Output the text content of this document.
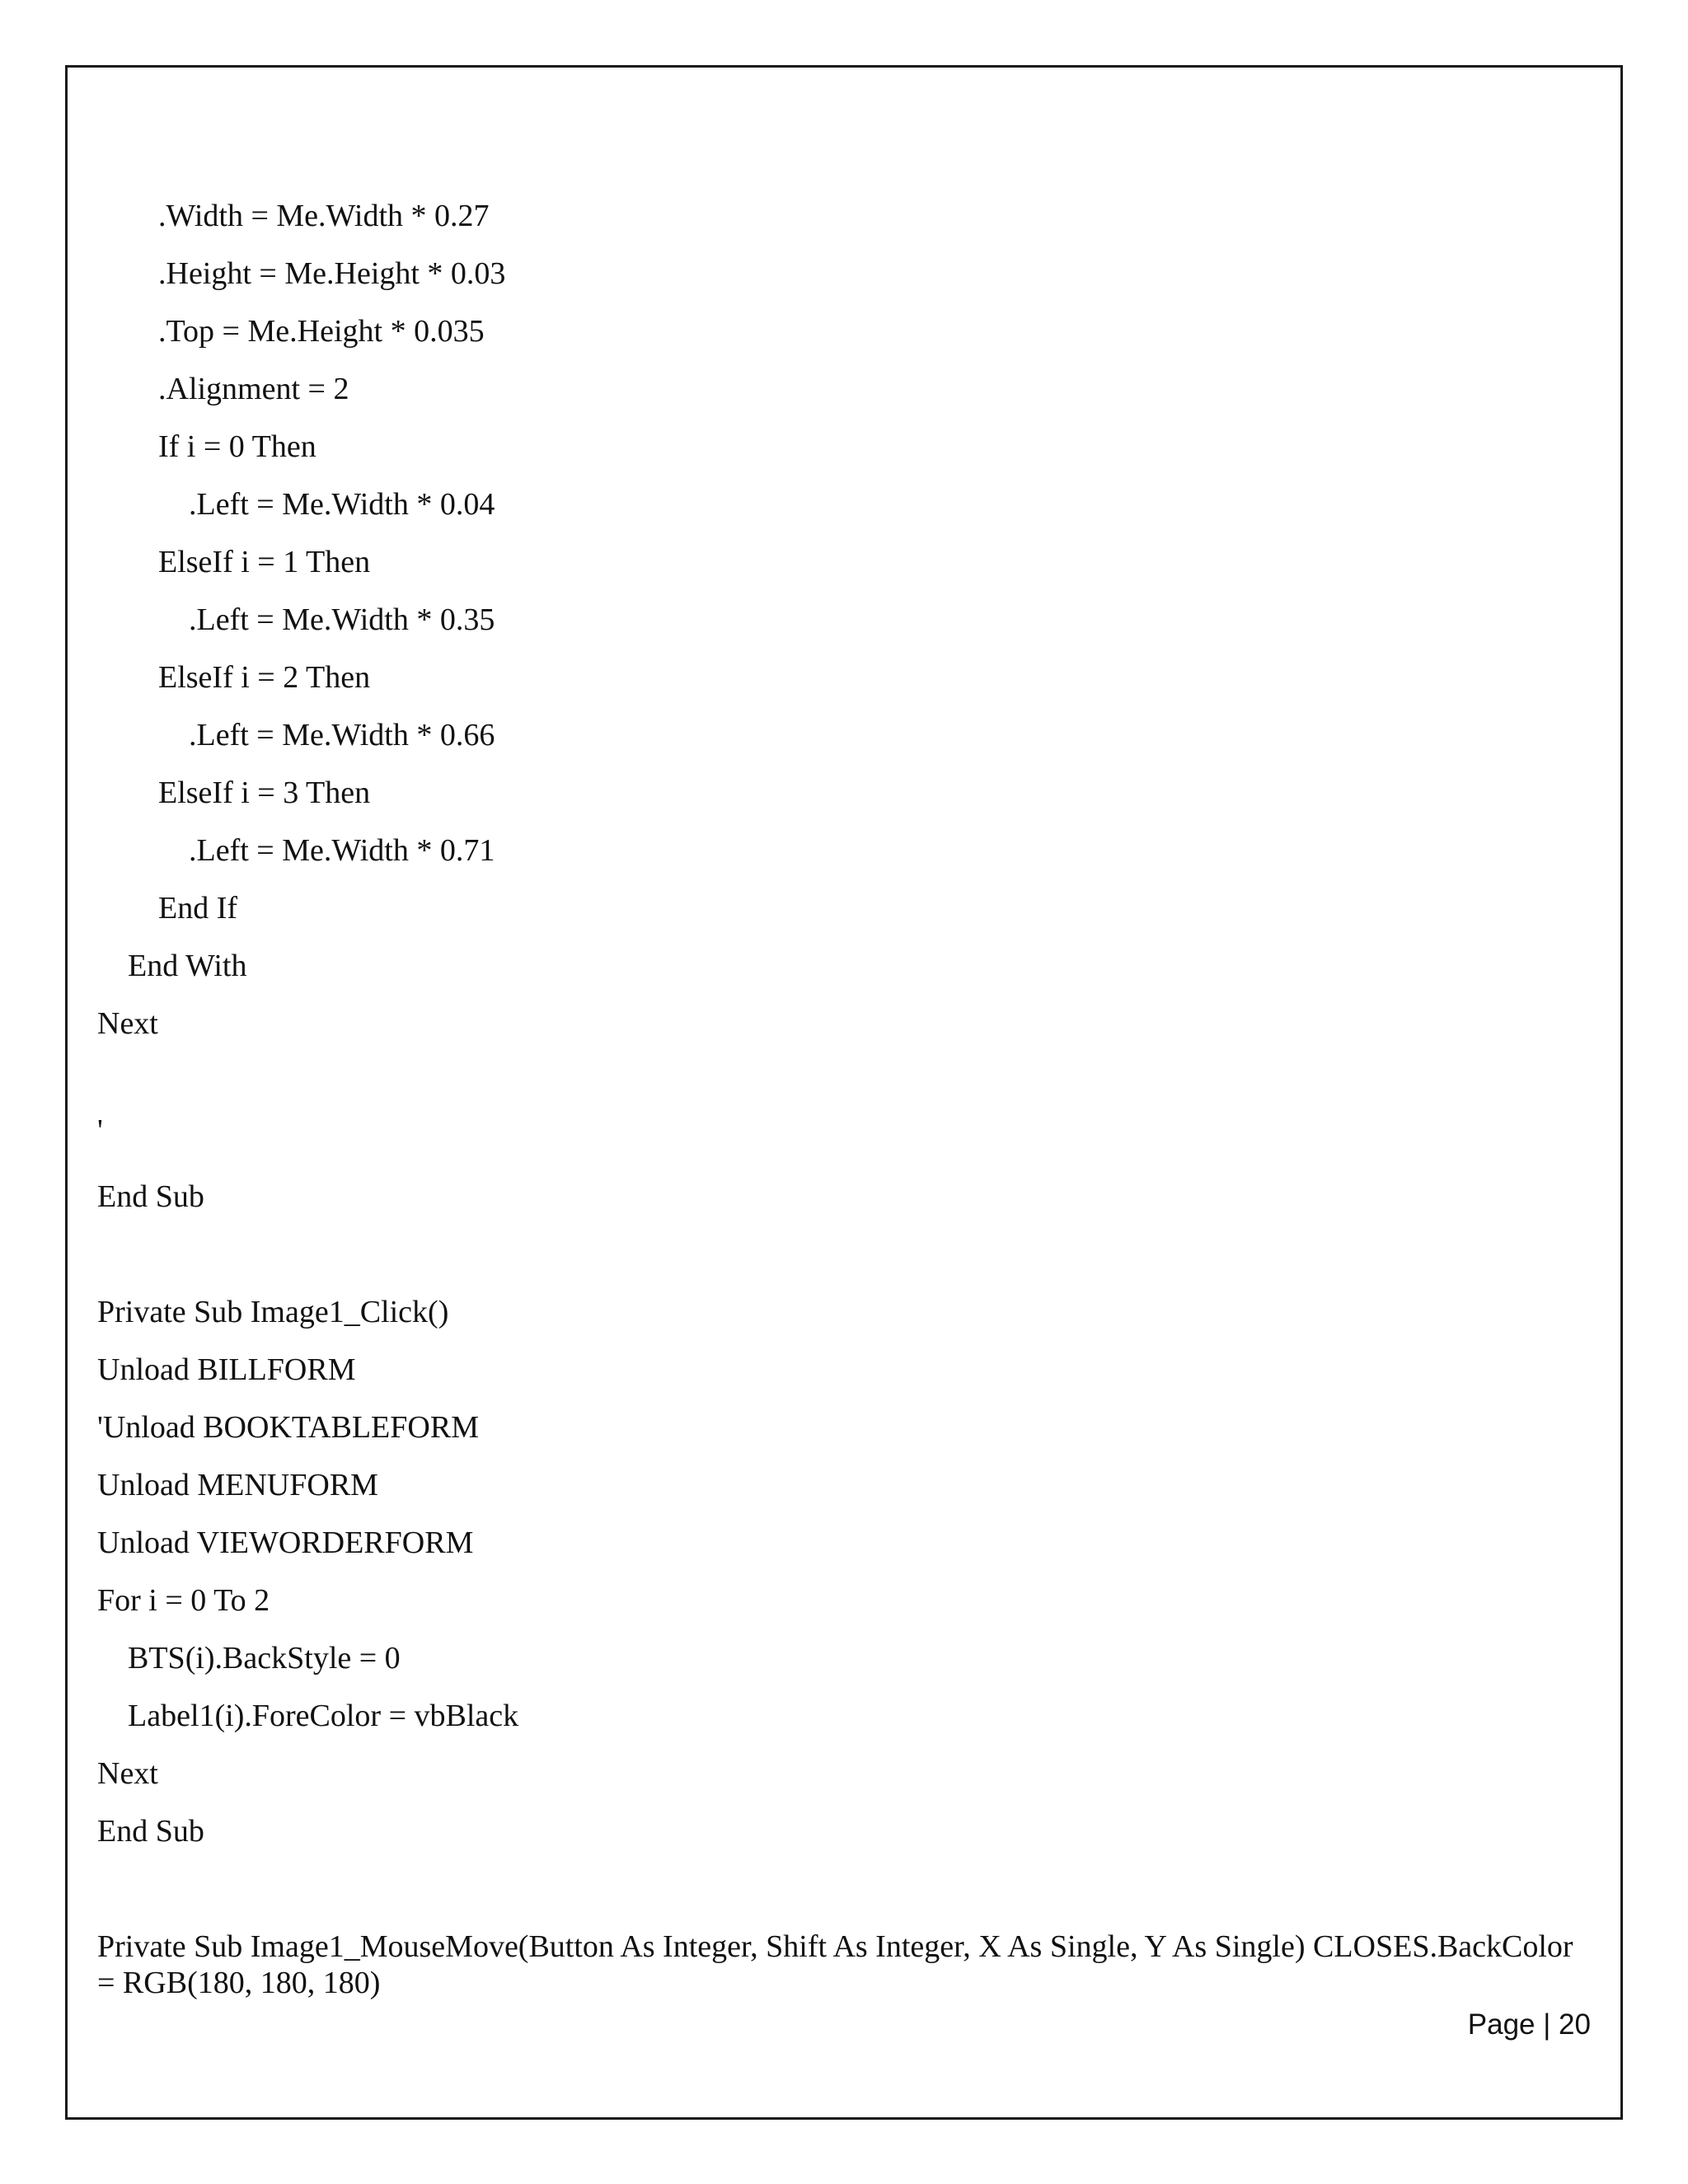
.Width = Me.Width * 0.27
.Height = Me.Height * 0.03
.Top = Me.Height * 0.035
.Alignment = 2
If i = 0 Then
.Left = Me.Width * 0.04
ElseIf i = 1 Then
.Left = Me.Width * 0.35
ElseIf i = 2 Then
.Left = Me.Width * 0.66
ElseIf i = 3 Then
.Left = Me.Width * 0.71
End If
End With
Next
'
End Sub
Private Sub Image1_Click()
Unload BILLFORM
'Unload BOOKTABLEFORM
Unload MENUFORM
Unload VIEWORDERFORM
For i = 0 To 2
BTS(i).BackStyle = 0
Label1(i).ForeColor = vbBlack
Next
End Sub
Private Sub Image1_MouseMove(Button As Integer, Shift As Integer, X As Single, Y As Single) CLOSES.BackColor = RGB(180, 180, 180)
Page | 20
